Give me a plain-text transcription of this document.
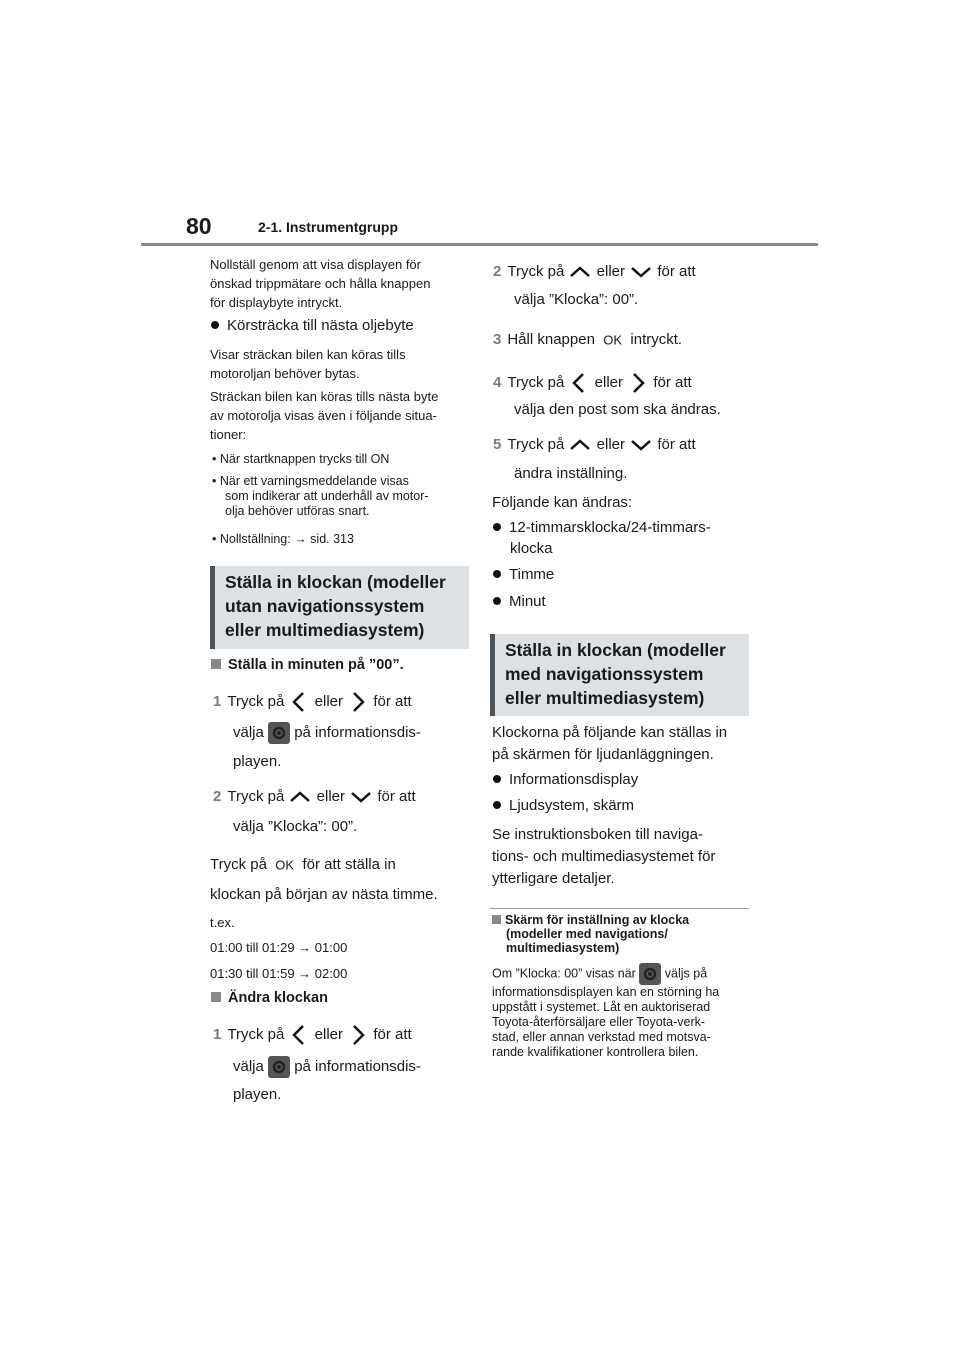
80	2-1. Instrumentgrupp
Nollställ genom att visa displayen för
önskad trippmätare och hålla knappen
för displaybyte intryckt.
Körsträcka till nästa oljebyte
Visar sträckan bilen kan köras tills
motoroljan behöver bytas.
Sträckan bilen kan köras tills nästa byte
av motorolja visas även i följande situa-
tioner:
• När startknappen trycks till ON
• När ett varningsmeddelande visas
som indikerar att underhåll av motor-
olja behöver utföras snart.
• Nollställning: → sid. 313
Ställa in klockan (modeller
utan navigationssystem
eller multimediasystem)
Ställa in minuten på ”00”.
1 Tryck på eller för att
välja på informationsdis-
playen.
2 Tryck på eller för att
välja ”Klocka”: 00”.
Tryck på OK för att ställa in
klockan på början av nästa timme.
t.ex.
01:00 till 01:29 → 01:00
01:30 till 01:59 → 02:00
Ändra klockan
1 Tryck på eller för att
välja på informationsdis-
playen.
2 Tryck på eller för att
välja ”Klocka”: 00”.
3 Håll knappen OK intryckt.
4 Tryck på eller för att
välja den post som ska ändras.
5 Tryck på eller för att
ändra inställning.
Följande kan ändras:
12-timmarsklocka/24-timmars-
klocka
Timme
Minut
Ställa in klockan (modeller
med navigationssystem
eller multimediasystem)
Klockorna på följande kan ställas in
på skärmen för ljudanläggningen.
Informationsdisplay
Ljudsystem, skärm
Se instruktionsboken till naviga-
tions- och multimediasystemet för
ytterligare detaljer.
Skärm för inställning av klocka
(modeller med navigations/
multimediasystem)
Om ”Klocka: 00” visas när väljs på
informationsdisplayen kan en störning ha
uppstått i systemet. Låt en auktoriserad
Toyota-återförsäljare eller Toyota-verk-
stad, eller annan verkstad med motsva-
rande kvalifikationer kontrollera bilen.
